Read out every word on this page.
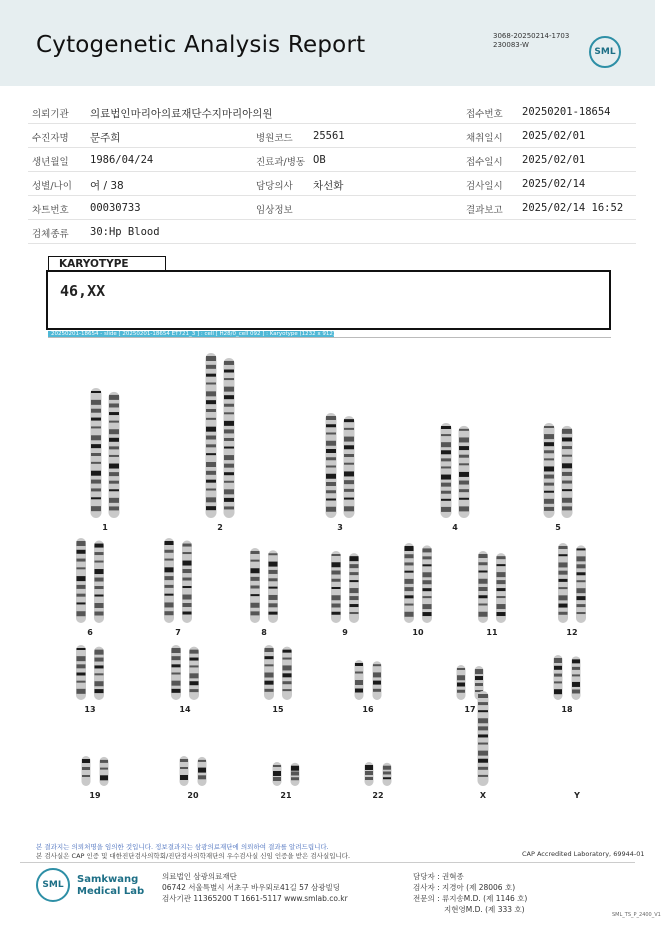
Cytogenetic Analysis Report	3068-20250214-1703
230083-W
SML
의뢰기관 의료법인마리아의료재단수지마리아의원	접수번호 20250201-18654
수진자명 문주희	병원코드 25561	채취일시 2025/02/01
생년월일 1986/04/24	진료과/병동 OB	접수일시 2025/02/01
성별/나이 여 / 38	담당의사 차선화	검사일시 2025/02/14
차트번호 00030733	임상정보	결과보고 2025/02/14 16:52
검체종류 30:Hp Blood
KARYOTYPE
46,XX
20250201-18654 - slide [ 20250201-18654 ET721_3 ] : cell [ H28/0_cell 092 ] : Karyotype (1232 x 912)
1	2	3	4	5
6	7	8	9	10	11	12
13	14	15	16	17	18
19	20	21	22	X	Y
본 결과지는 의뢰처명을 임의한 것입니다. 정보결과지는 삼광의료재단에 의뢰하여 결과를 알려드립니다.
본 검사실은 CAP 인증 및 대한진단검사의학회/진단검사의학재단의 우수검사실 신임 인증을 받은 검사실입니다.	CAP Accredited Laboratory, 69944-01
SML	Samkwang
Medical Lab
의료법인 삼광의료재단
06742 서울특별시 서초구 바우뫼로41길 57 삼광빌딩
검사기관 11365200 T 1661-5117 www.smlab.co.kr
담당자 : 권혁종
검사자 : 지경아 (제 28006 호)
전문의 : 류지송M.D. (제 1146 호)
지현영M.D. (제 333 호)
SML_TS_P_2400_V1
